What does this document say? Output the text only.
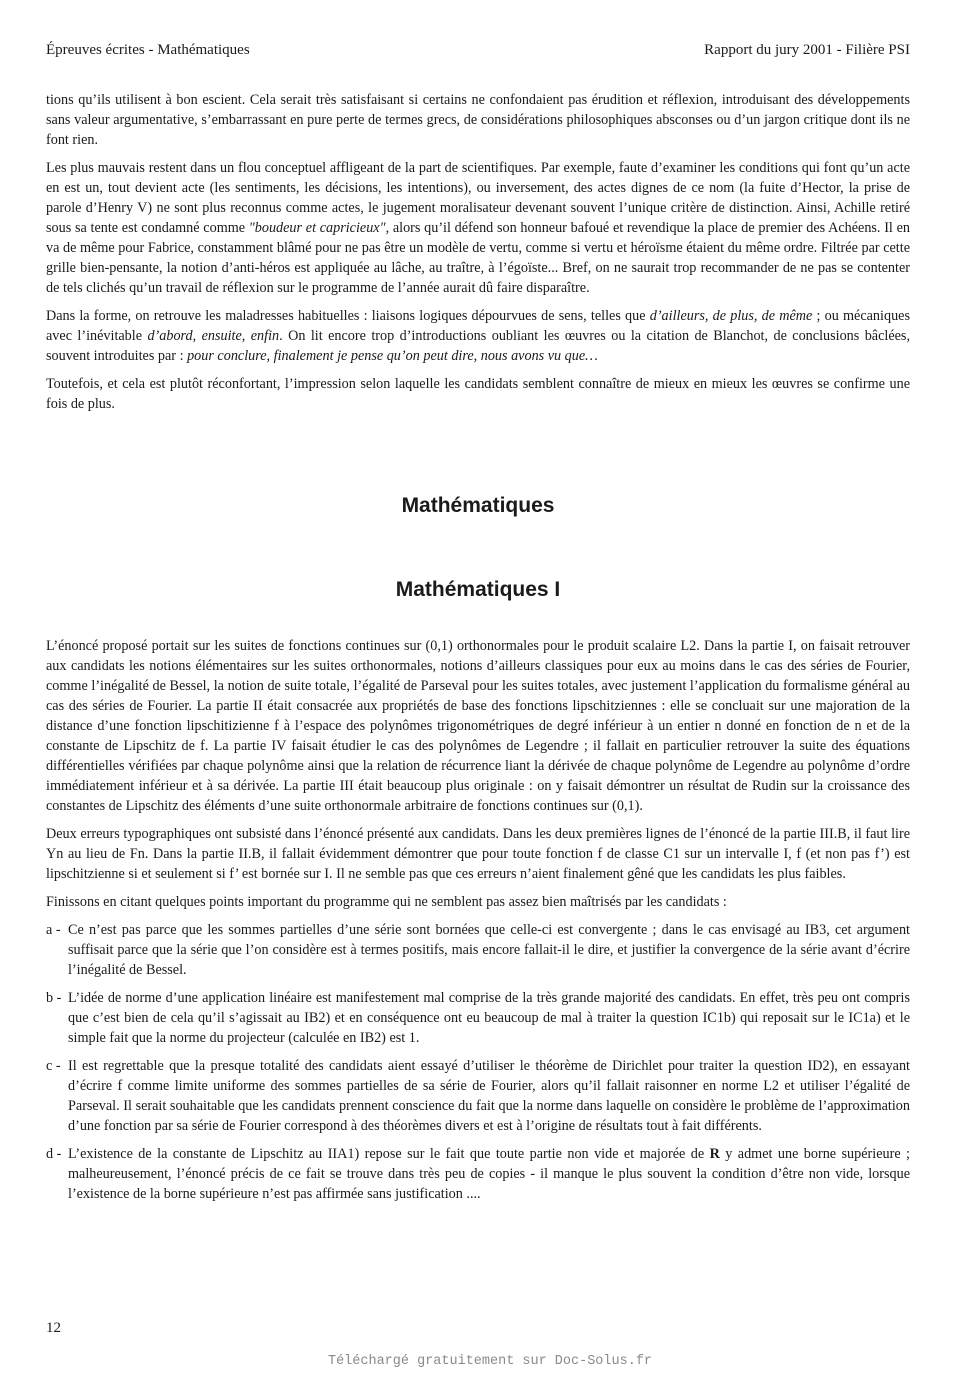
Épreuves écrites - Mathématiques	Rapport du jury 2001 - Filière PSI

tions qu’ils utilisent à bon escient. Cela serait très satisfaisant si certains ne confondaient pas érudition et réflexion, introduisant des développements sans valeur argumentative, s’embarrassant en pure perte de termes grecs, de considérations philosophiques absconses ou d’un jargon critique dont ils ne font rien.

Les plus mauvais restent dans un flou conceptuel affligeant de la part de scientifiques. Par exemple, faute d’examiner les conditions qui font qu’un acte en est un, tout devient acte (les sentiments, les décisions, les intentions), ou inversement, des actes dignes de ce nom (la fuite d’Hector, la prise de parole d’Henry V) ne sont plus reconnus comme actes, le jugement moralisateur devenant souvent l’unique critère de distinction. Ainsi, Achille retiré sous sa tente est condamné comme "boudeur et capricieux", alors qu’il défend son honneur bafoué et revendique la place de premier des Achéens. Il en va de même pour Fabrice, constamment blâmé pour ne pas être un modèle de vertu, comme si vertu et héroïsme étaient du même ordre. Filtrée par cette grille bien-pensante, la notion d’anti-héros est appliquée au lâche, au traître, à l’égoïste... Bref, on ne saurait trop recommander de ne pas se contenter de tels clichés qu’un travail de réflexion sur le programme de l’année aurait dû faire disparaître.

Dans la forme, on retrouve les maladresses habituelles : liaisons logiques dépourvues de sens, telles que d’ailleurs, de plus, de même ; ou mécaniques avec l’inévitable d’abord, ensuite, enfin. On lit encore trop d’introductions oubliant les œuvres ou la citation de Blanchot, de conclusions bâclées, souvent introduites par : pour conclure, finalement je pense qu’on peut dire, nous avons vu que…

Toutefois, et cela est plutôt réconfortant, l’impression selon laquelle les candidats semblent connaître de mieux en mieux les œuvres se confirme une fois de plus.

Mathématiques
Mathématiques I

L’énoncé proposé portait sur les suites de fonctions continues sur (0,1) orthonormales pour le produit scalaire L2. Dans la partie I, on faisait retrouver aux candidats les notions élémentaires sur les suites orthonormales, notions d’ailleurs classiques pour eux au moins dans le cas des séries de Fourier, comme l’inégalité de Bessel, la notion de suite totale, l’égalité de Parseval pour les suites totales, avec justement l’application du formalisme général au cas des séries de Fourier. La partie II était consacrée aux propriétés de base des fonctions lipschitziennes : elle se concluait sur une majoration de la distance d’une fonction lipschitizienne f à l’espace des polynômes trigonométriques de degré inférieur à un entier n donné en fonction de n et de la constante de Lipschitz de f. La partie IV faisait étudier le cas des polynômes de Legendre ; il fallait en particulier retrouver la suite des équations différentielles vérifiées par chaque polynôme ainsi que la relation de récurrence liant la dérivée de chaque polynôme de Legendre au polynôme d’ordre immédiatement inférieur et à sa dérivée. La partie III était beaucoup plus originale : on y faisait démontrer un résultat de Rudin sur la croissance des constantes de Lipschitz des éléments d’une suite orthonormale arbitraire de fonctions continues sur (0,1).

Deux erreurs typographiques ont subsisté dans l’énoncé présenté aux candidats. Dans les deux premières lignes de l’énoncé de la partie III.B, il faut lire Yn au lieu de Fn. Dans la partie II.B, il fallait évidemment démontrer que pour toute fonction f de classe C1 sur un intervalle I, f (et non pas f’) est lipschitzienne si et seulement si f’ est bornée sur I. Il ne semble pas que ces erreurs n’aient finalement gêné que les candidats les plus faibles.

Finissons en citant quelques points important du programme qui ne semblent pas assez bien maîtrisés par les candidats :

a - Ce n’est pas parce que les sommes partielles d’une série sont bornées que celle-ci est convergente ; dans le cas envisagé au IB3, cet argument suffisait parce que la série que l’on considère est à termes positifs, mais encore fallait-il le dire, et justifier la convergence de la série avant d’écrire l’inégalité de Bessel.
b - L’idée de norme d’une application linéaire est manifestement mal comprise de la très grande majorité des candidats. En effet, très peu ont compris que c’est bien de cela qu’il s’agissait au IB2) et en conséquence ont eu beaucoup de mal à traiter la question IC1b) qui reposait sur le IC1a) et le simple fait que la norme du projecteur (calculée en IB2) est 1.
c - Il est regrettable que la presque totalité des candidats aient essayé d’utiliser le théorème de Dirichlet pour traiter la question ID2), en essayant d’écrire f comme limite uniforme des sommes partielles de sa série de Fourier, alors qu’il fallait raisonner en norme L2 et utiliser l’égalité de Parseval. Il serait souhaitable que les candidats prennent conscience du fait que la norme dans laquelle on considère le problème de l’approximation d’une fonction par sa série de Fourier correspond à des théorèmes divers et est à l’origine de résultats tout à fait différents.
d - L’existence de la constante de Lipschitz au IIA1) repose sur le fait que toute partie non vide et majorée de R y admet une borne supérieure ; malheureusement, l’énoncé précis de ce fait se trouve dans très peu de copies - il manque le plus souvent la condition d’être non vide, lorsque l’existence de la borne supérieure n’est pas affirmée sans justification ....
12
Téléchargé gratuitement sur Doc-Solus.fr
